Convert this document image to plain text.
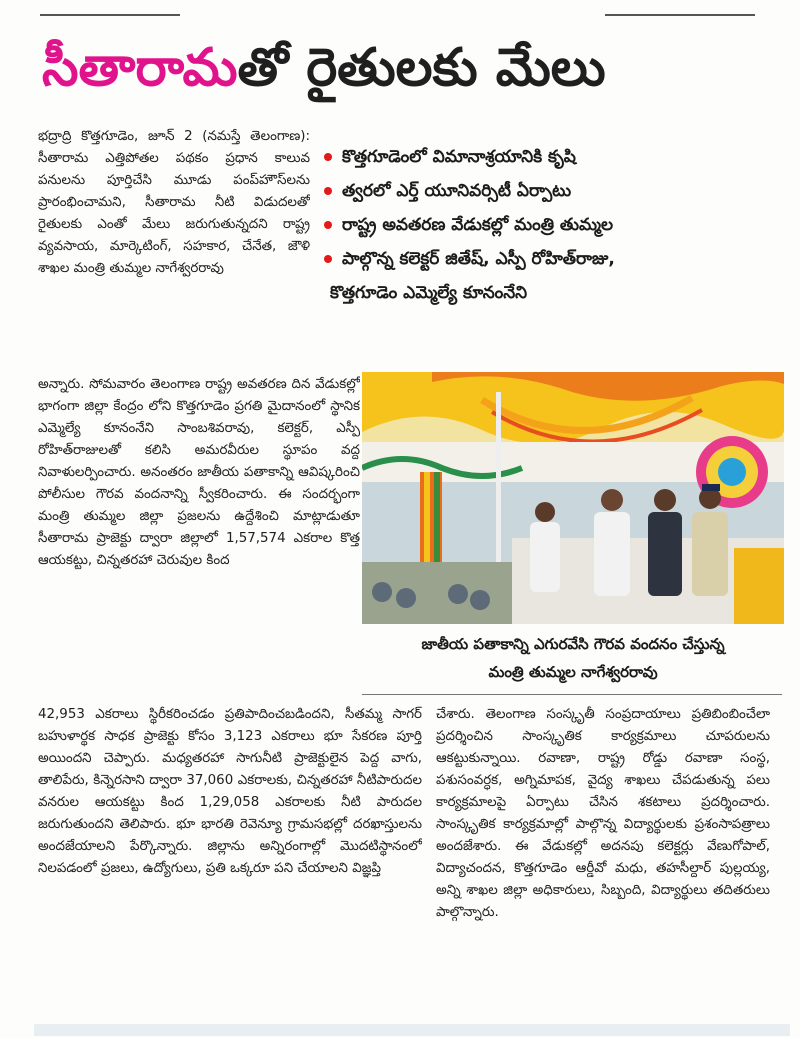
సీతారామ తో రైతులకు మేలు

భద్రాద్రి కొత్తగూడెం, జూన్ 2 (నమస్తే తెలంగాణ): సీతారామ ఎత్తిపోతల పథకం ప్రధాన కాలువ పనులను పూర్తిచేసి మూడు పంప్‌హౌస్‌లను ప్రారంభించామని, సీతారామ నీటి విడుదలతో రైతులకు ఎంతో మేలు జరుగుతున్నదని రాష్ట్ర వ్యవసాయ, మార్కెటింగ్, సహకార, చేనేత, జౌళి శాఖల మంత్రి తుమ్మల నాగేశ్వరరావు

కొత్తగూడెంలో విమానాశ్రయానికి కృషి
త్వరలో ఎర్త్ యూనివర్సిటీ ఏర్పాటు
రాష్ట్ర అవతరణ వేడుకల్లో మంత్రి తుమ్మల
పాల్గొన్న కలెక్టర్ జితేష్, ఎస్పీ రోహిత్‌రాజు,
కొత్తగూడెం ఎమ్మెల్యే కూనంనేని

అన్నారు. సోమవారం తెలంగాణ రాష్ట్ర అవతరణ దిన వేడుకల్లో భాగంగా జిల్లా కేంద్రం లోని కొత్తగూడెం ప్రగతి మైదానంలో స్థానిక ఎమ్మెల్యే కూనంనేని సాంబశివరావు, కలెక్టర్, ఎస్పీ రోహిత్‌రాజులతో కలిసి అమరవీరుల స్థూపం వద్ద నివాళులర్పించారు. అనంతరం జాతీయ పతాకాన్ని ఆవిష్కరించి పోలీసుల గౌరవ వందనాన్ని స్వీకరించారు. ఈ సందర్భంగా మంత్రి తుమ్మల జిల్లా ప్రజలను ఉద్దేశించి మాట్లాడుతూ సీతారామ ప్రాజెక్టు ద్వారా జిల్లాలో 1,57,574 ఎకరాల కొత్త ఆయకట్టు, చిన్నతరహా చెరువుల కింద

జాతీయ పతాకాన్ని ఎగురవేసి గౌరవ వందనం చేస్తున్న
మంత్రి తుమ్మల నాగేశ్వరరావు

42,953 ఎకరాలు స్థిరీకరించడం ప్రతిపాదించబడిందని, సీతమ్మ సాగర్ బహుళార్థక సాధక ప్రాజెక్టు కోసం 3,123 ఎకరాలు భూ సేకరణ పూర్తి అయిందని చెప్పారు. మధ్యతరహా సాగునీటి ప్రాజెక్టులైన పెద్ద వాగు, తాలిపేరు, కిన్నెరసాని ద్వారా 37,060 ఎకరాలకు, చిన్నతరహా నీటిపారుదల వనరుల ఆయకట్టు కింద 1,29,058 ఎకరాలకు నీటి పారుదల జరుగుతుందని తెలిపారు. భూ భారతి రెవెన్యూ గ్రామసభల్లో దరఖాస్తులను అందజేయాలని పేర్కొన్నారు. జిల్లాను అన్నిరంగాల్లో మొదటిస్థానంలో నిలపడంలో ప్రజలు, ఉద్యోగులు, ప్రతి ఒక్కరూ పని చేయాలని విజ్ఞప్తి

చేశారు. తెలంగాణ సంస్కృతీ సంప్రదాయాలు ప్రతిబింబించేలా ప్రదర్శించిన సాంస్కృతిక కార్యక్రమాలు చూపరులను ఆకట్టుకున్నాయి. రవాణా, రాష్ట్ర రోడ్డు రవాణా సంస్థ, పశుసంవర్ధక, అగ్నిమాపక, వైద్య శాఖలు చేపడుతున్న పలు కార్యక్రమాలపై ఏర్పాటు చేసిన శకటాలు ప్రదర్శించారు. సాంస్కృతిక కార్యక్రమాల్లో పాల్గొన్న విద్యార్థులకు ప్రశంసాపత్రాలు అందజేశారు. ఈ వేడుకల్లో అదనపు కలెక్టర్లు వేణుగోపాల్, విద్యాచందన, కొత్తగూడెం ఆర్డీవో మధు, తహసీల్దార్ పుల్లయ్య, అన్ని శాఖల జిల్లా అధికారులు, సిబ్బంది, విద్యార్థులు తదితరులు పాల్గొన్నారు.
